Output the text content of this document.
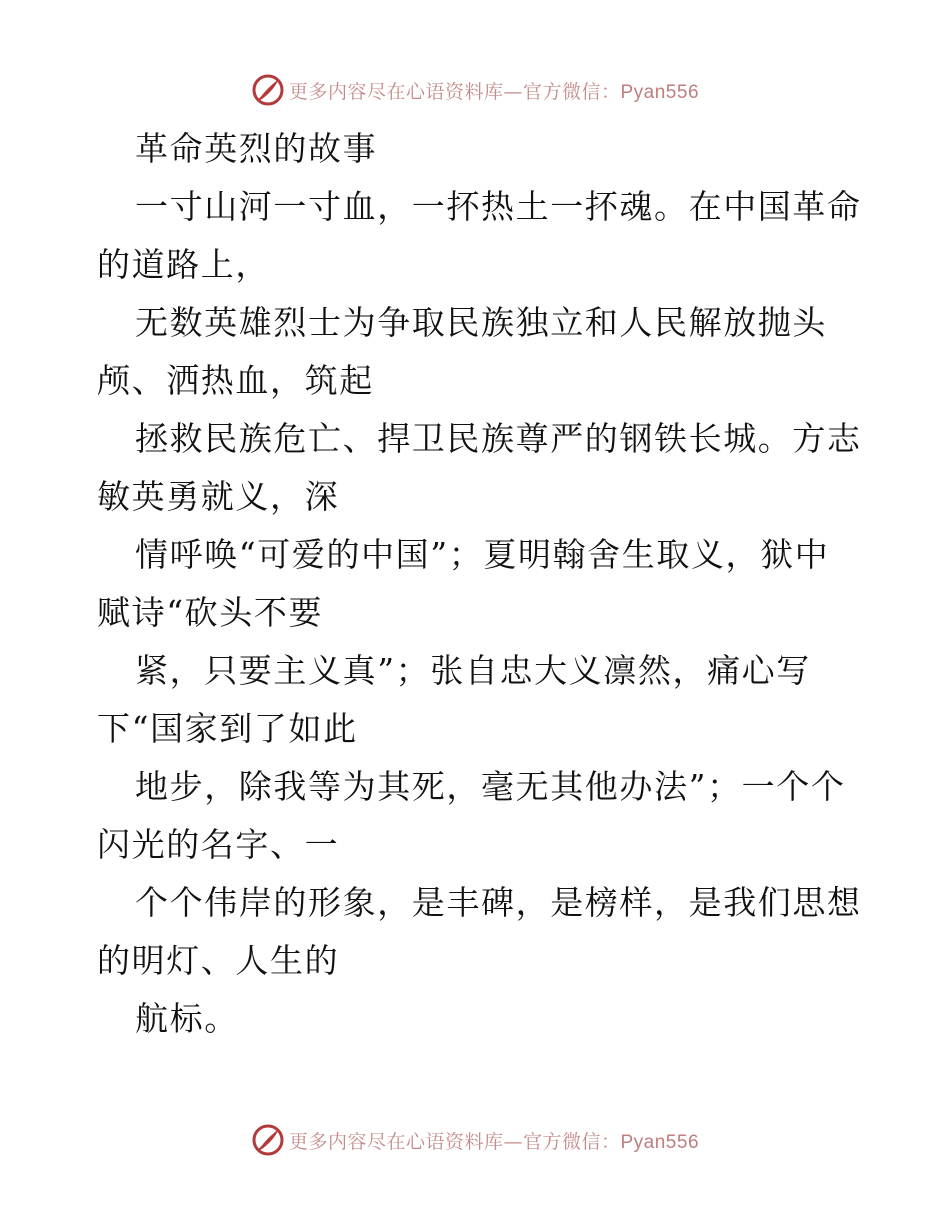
更多内容尽在心语资料库—官方微信：Pyan556
革命英烈的故事
一寸山河一寸血，一抔热土一抔魂。在中国革命
的道路上，
无数英雄烈士为争取民族独立和人民解放抛头
颅、洒热血，筑起
拯救民族危亡、捍卫民族尊严的钢铁长城。方志
敏英勇就义，深
情呼唤“可爱的中国”；夏明翰舍生取义，狱中
赋诗“砍头不要
紧，只要主义真”；张自忠大义凛然，痛心写
下“国家到了如此
地步，除我等为其死，毫无其他办法”；一个个
闪光的名字、一
个个伟岸的形象，是丰碑，是榜样，是我们思想
的明灯、人生的
航标。
更多内容尽在心语资料库—官方微信：Pyan556
